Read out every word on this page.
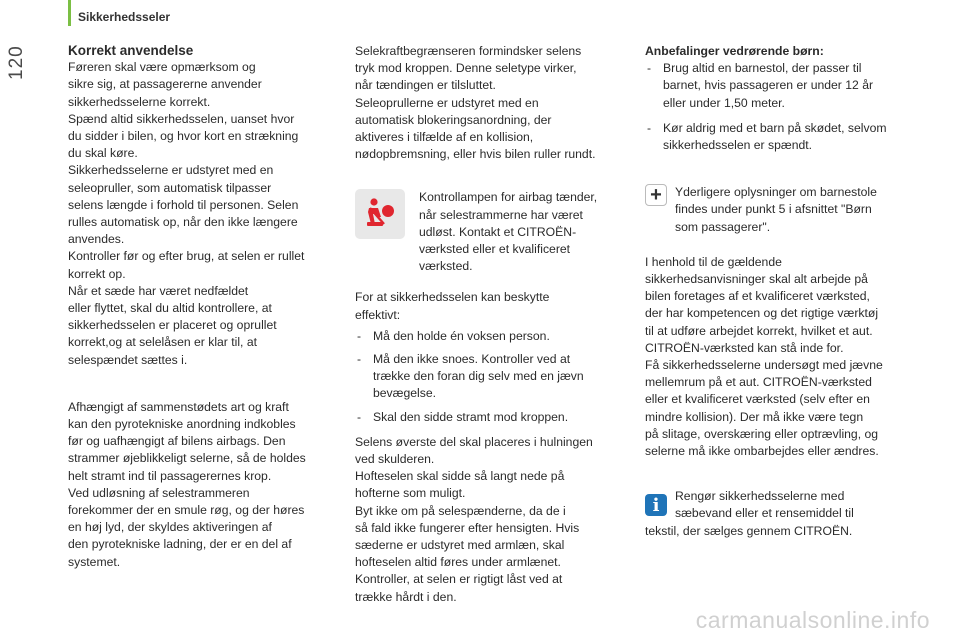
120
Sikkerhedsseler

Korrekt anvendelse

Føreren skal være opmærksom og
sikre sig, at passagererne anvender
sikkerhedsselerne korrekt.
Spænd altid sikkerhedsselen, uanset hvor
du sidder i bilen, og hvor kort en strækning
du skal køre.
Sikkerhedsselerne er udstyret med en
seleopruller, som automatisk tilpasser
selens længde i forhold til personen. Selen
rulles automatisk op, når den ikke længere
anvendes.
Kontroller før og efter brug, at selen er rullet
korrekt op.
Når et sæde har været nedfældet
eller flyttet, skal du altid kontrollere, at
sikkerhedsselen er placeret og oprullet
korrekt,og at selelåsen er klar til, at
selespændet sættes i.

Afhængigt af sammenstødets art og kraft
kan den pyrotekniske anordning indkobles
før og uafhængigt af bilens airbags. Den
strammer øjeblikkeligt selerne, så de holdes
helt stramt ind til passagerernes krop.
Ved udløsning af selestrammeren
forekommer der en smule røg, og der høres
en høj lyd, der skyldes aktiveringen af
den pyrotekniske ladning, der er en del af
systemet.

Selekraftbegrænseren formindsker selens
tryk mod kroppen. Denne seletype virker,
når tændingen er tilsluttet.
Seleoprullerne er udstyret med en
automatisk blokeringsanordning, der
aktiveres i tilfælde af en kollision,
nødopbremsning, eller hvis bilen ruller rundt.

Kontrollampen for airbag tænder,
når selestrammerne har været
udløst. Kontakt et CITROËN-
værksted eller et kvalificeret
værksted.

For at sikkerhedsselen kan beskytte
effektivt:

- Må den holde én voksen person.
- Må den ikke snoes. Kontroller ved at
trække den foran dig selv med en jævn
bevægelse.
- Skal den sidde stramt mod kroppen.

Selens øverste del skal placeres i hulningen
ved skulderen.
Hofteselen skal sidde så langt nede på
hofterne som muligt.
Byt ikke om på selespænderne, da de i
så fald ikke fungerer efter hensigten. Hvis
sæderne er udstyret med armlæn, skal
hofteselen altid føres under armlænet.
Kontroller, at selen er rigtigt låst ved at
trække hårdt i den.

Anbefalinger vedrørende børn:

- Brug altid en barnestol, der passer til
barnet, hvis passageren er under 12 år
eller under 1,50 meter.
- Kør aldrig med et barn på skødet, selvom
sikkerhedsselen er spændt.
+	Yderligere oplysninger om barnestole
findes under punkt 5 i afsnittet "Børn
som passagerer".

I henhold til de gældende
sikkerhedsanvisninger skal alt arbejde på
bilen foretages af et kvalificeret værksted,
der har kompetencen og det rigtige værktøj
til at udføre arbejdet korrekt, hvilket et aut.
CITROËN-værksted kan stå inde for.
Få sikkerhedsselerne undersøgt med jævne
mellemrum på et aut. CITROËN-værksted
eller et kvalificeret værksted (selv efter en
mindre kollision). Der må ikke være tegn
på slitage, overskæring eller optrævling, og
selerne må ikke ombarbejdes eller ændres.

i	Rengør sikkerhedsselerne med
sæbevand eller et rensemiddel til
tekstil, der sælges gennem CITROËN.
carmanualsonline.info
